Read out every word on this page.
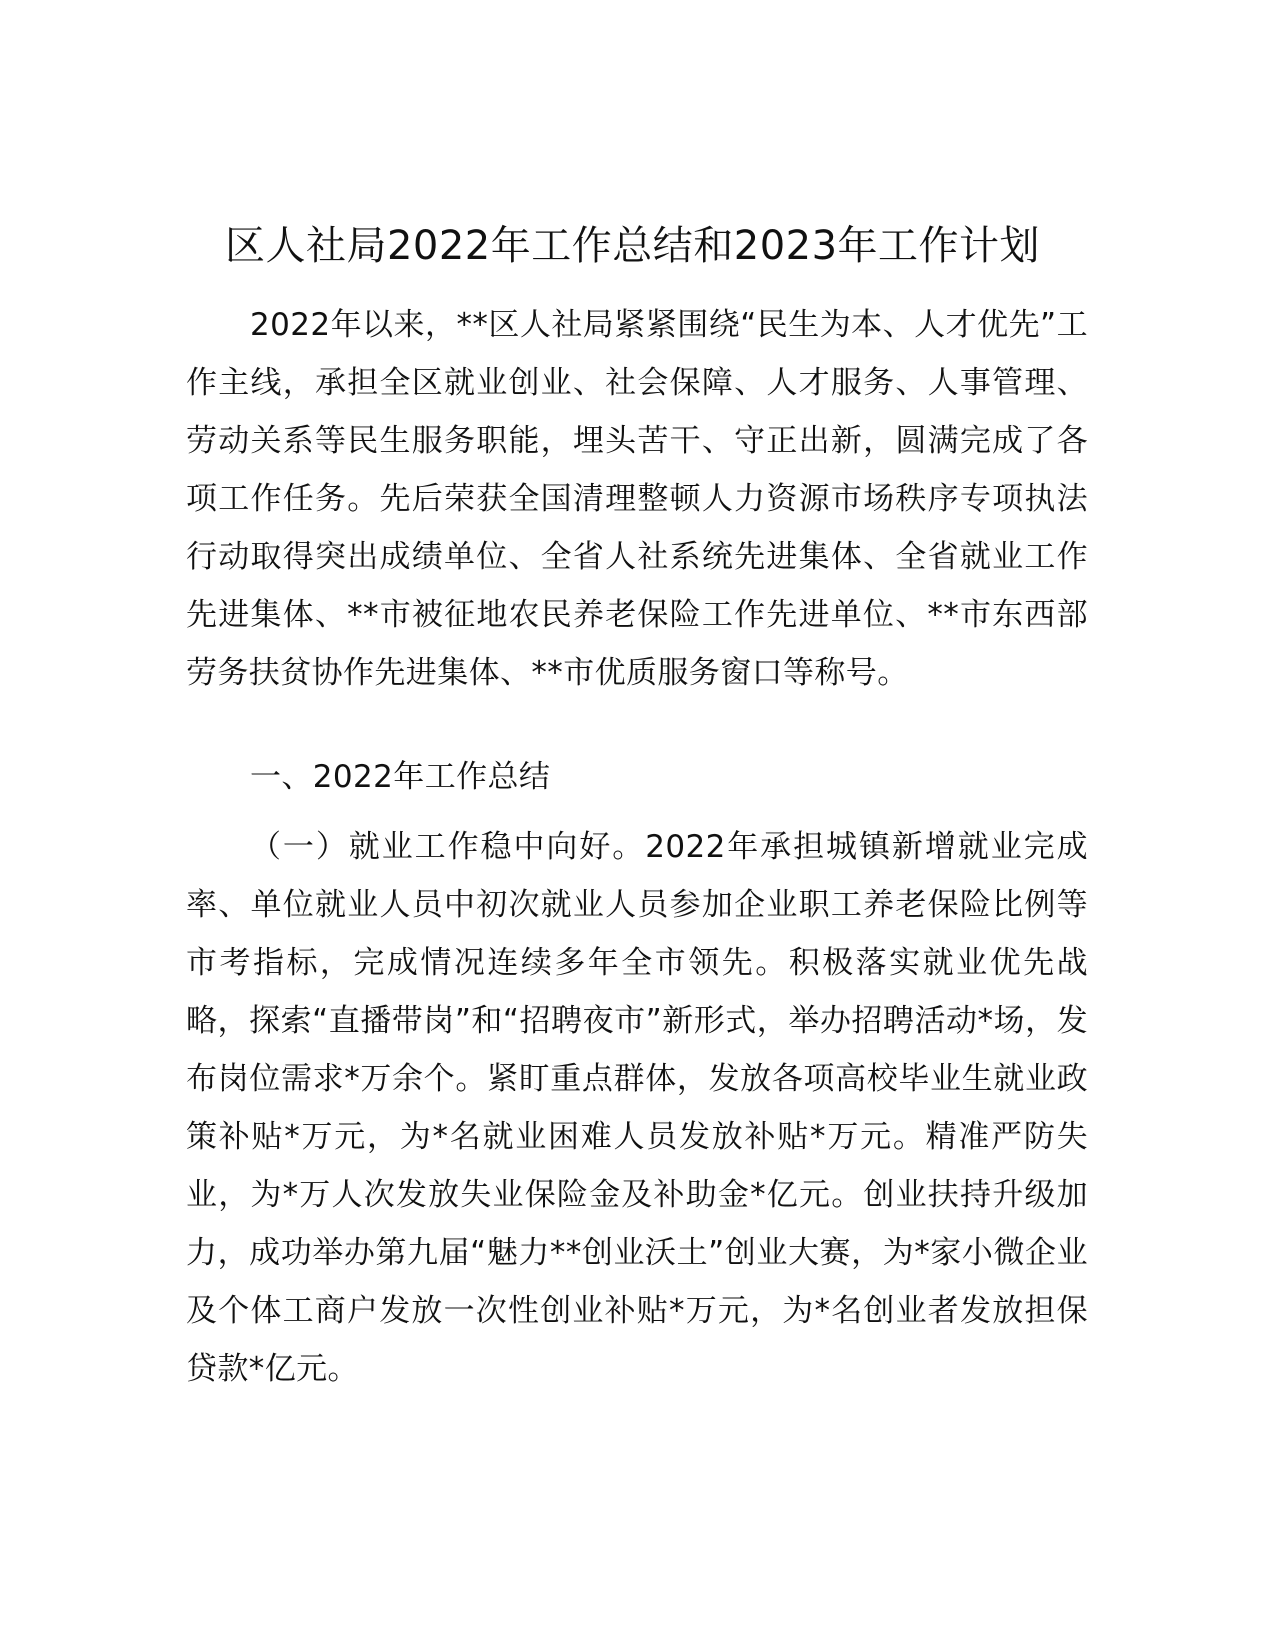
区人社局2022年工作总结和2023年工作计划

2022年以来，**区人社局紧紧围绕“民生为本、人才优先”工作主线，承担全区就业创业、社会保障、人才服务、人事管理、劳动关系等民生服务职能，埋头苦干、守正出新，圆满完成了各项工作任务。先后荣获全国清理整顿人力资源市场秩序专项执法行动取得突出成绩单位、全省人社系统先进集体、全省就业工作先进集体、**市被征地农民养老保险工作先进单位、**市东西部劳务扶贫协作先进集体、**市优质服务窗口等称号。

一、2022年工作总结

（一）就业工作稳中向好。2022年承担城镇新增就业完成率、单位就业人员中初次就业人员参加企业职工养老保险比例等市考指标，完成情况连续多年全市领先。积极落实就业优先战略，探索“直播带岗”和“招聘夜市”新形式，举办招聘活动*场，发布岗位需求*万余个。紧盯重点群体，发放各项高校毕业生就业政策补贴*万元，为*名就业困难人员发放补贴*万元。精准严防失业，为*万人次发放失业保险金及补助金*亿元。创业扶持升级加力，成功举办第九届“魅力**创业沃土”创业大赛，为*家小微企业及个体工商户发放一次性创业补贴*万元，为*名创业者发放担保贷款*亿元。
